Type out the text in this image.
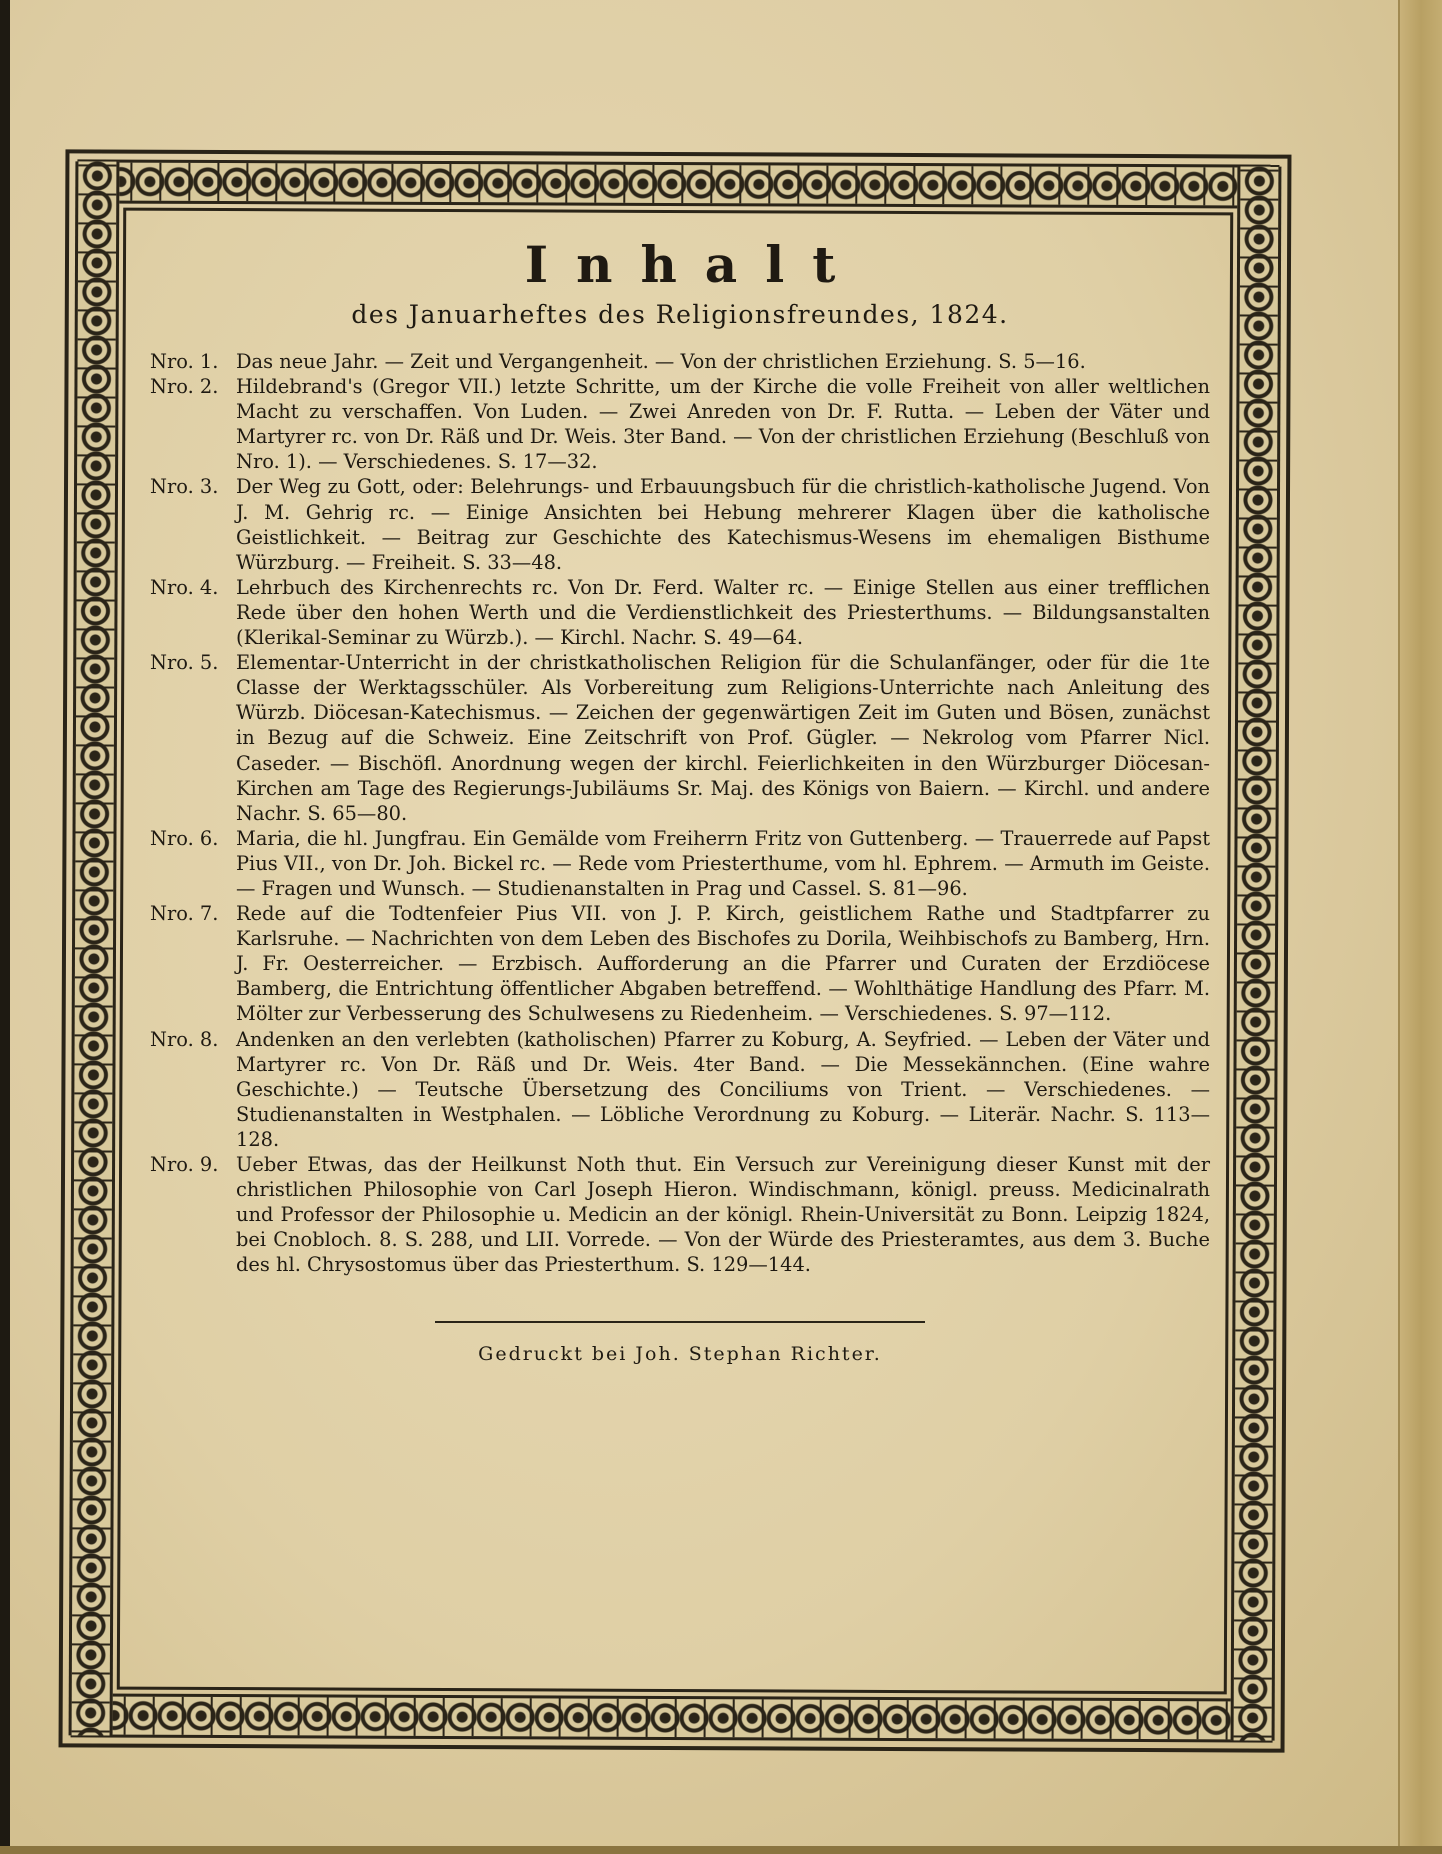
Inhalt
des Januarheftes des Religionsfreundes, 1824.
Nro. 1. Das neue Jahr. — Zeit und Vergangenheit. — Von der christlichen Erziehung. S. 5—16.
Nro. 2. Hildebrand's (Gregor VII.) letzte Schritte, um der Kirche die volle Freiheit von aller weltlichen Macht zu verschaffen. Von Luden. — Zwei Anreden von Dr. F. Rutta. — Leben der Väter und Martyrer rc. von Dr. Räß und Dr. Weis. 3ter Band. — Von der christlichen Erziehung (Beschluß von Nro. 1). — Verschiedenes. S. 17—32.
Nro. 3. Der Weg zu Gott, oder: Belehrungs- und Erbauungsbuch für die christlich-katholische Jugend. Von J. M. Gehrig rc. — Einige Ansichten bei Hebung mehrerer Klagen über die katholische Geistlichkeit. — Beitrag zur Geschichte des Katechismus-Wesens im ehemaligen Bisthume Würzburg. — Freiheit. S. 33—48.
Nro. 4. Lehrbuch des Kirchenrechts rc. Von Dr. Ferd. Walter rc. — Einige Stellen aus einer trefflichen Rede über den hohen Werth und die Verdienstlichkeit des Priesterthums. — Bildungsanstalten (Klerikal-Seminar zu Würzb.). — Kirchl. Nachr. S. 49—64.
Nro. 5. Elementar-Unterricht in der christkatholischen Religion für die Schulanfänger, oder für die 1te Classe der Werktagsschüler. Als Vorbereitung zum Religions-Unterrichte nach Anleitung des Würzb. Diöcesan-Katechismus. — Zeichen der gegenwärtigen Zeit im Guten und Bösen, zunächst in Bezug auf die Schweiz. Eine Zeitschrift von Prof. Gügler. — Nekrolog vom Pfarrer Nicl. Caseder. — Bischöfl. Anordnung wegen der kirchl. Feierlichkeiten in den Würzburger Diöcesan-Kirchen am Tage des Regierungs-Jubiläums Sr. Maj. des Königs von Baiern. — Kirchl. und andere Nachr. S. 65—80.
Nro. 6. Maria, die hl. Jungfrau. Ein Gemälde vom Freiherrn Fritz von Guttenberg. — Trauerrede auf Papst Pius VII., von Dr. Joh. Bickel rc. — Rede vom Priesterthume, vom hl. Ephrem. — Armuth im Geiste. — Fragen und Wunsch. — Studienanstalten in Prag und Cassel. S. 81—96.
Nro. 7. Rede auf die Todtenfeier Pius VII. von J. P. Kirch, geistlichem Rathe und Stadtpfarrer zu Karlsruhe. — Nachrichten von dem Leben des Bischofes zu Dorila, Weihbischofs zu Bamberg, Hrn. J. Fr. Oesterreicher. — Erzbisch. Aufforderung an die Pfarrer und Curaten der Erzdiöcese Bamberg, die Entrichtung öffentlicher Abgaben betreffend. — Wohlthätige Handlung des Pfarr. M. Mölter zur Verbesserung des Schulwesens zu Riedenheim. — Verschiedenes. S. 97—112.
Nro. 8. Andenken an den verlebten (katholischen) Pfarrer zu Koburg, A. Seyfried. — Leben der Väter und Martyrer rc. Von Dr. Räß und Dr. Weis. 4ter Band. — Die Messekännchen. (Eine wahre Geschichte.) — Teutsche Übersetzung des Conciliums von Trient. — Verschiedenes. — Studienanstalten in Westphalen. — Löbliche Verordnung zu Koburg. — Literär. Nachr. S. 113—128.
Nro. 9. Ueber Etwas, das der Heilkunst Noth thut. Ein Versuch zur Vereinigung dieser Kunst mit der christlichen Philosophie von Carl Joseph Hieron. Windischmann, königl. preuss. Medicinalrath und Professor der Philosophie u. Medicin an der königl. Rhein-Universität zu Bonn. Leipzig 1824, bei Cnobloch. 8. S. 288, und LII. Vorrede. — Von der Würde des Priesteramtes, aus dem 3. Buche des hl. Chrysostomus über das Priesterthum. S. 129—144.
Gedruckt bei Joh. Stephan Richter.
